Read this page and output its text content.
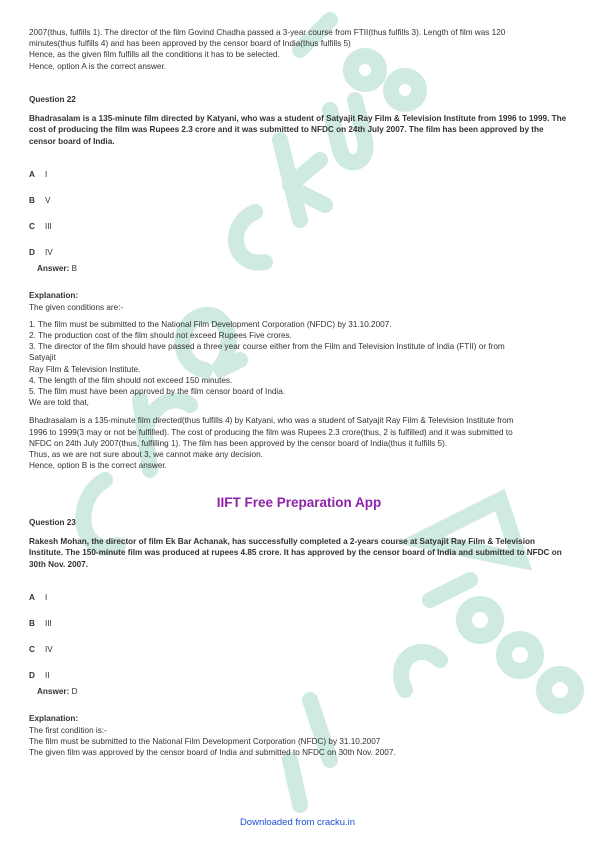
2007(thus, fulfills 1). The director of the film Govind Chadha passed a 3-year course from FTII(thus fulfills 3). Length of film was 120

minutes(thus fulfills 4) and has been approved by the censor board of India(thus fulfills 5)

Hence, as the given film fulfills all the conditions it has to be selected.

Hence, option A is the correct answer.

Question 22

Bhadrasalam is a 135-minute film directed by Katyani, who was a student of Satyajit Ray Film & Television Institute from 1996 to 1999. The cost of producing the film was Rupees 2.3 crore and it was submitted to NFDC on 24th July 2007. The film has been approved by the censor board of India.

A	I
B	V
C	III
D	IV

Answer: B

Explanation:

The given conditions are:-

1. The film must be submitted to the National Film Development Corporation (NFDC) by 31.10.2007.

2. The production cost of the film should not exceed Rupees Five crores.

3. The director of the film should have passed a three year course either from the Film and Television Institute of India (FTII) or from

Satyajit

Ray Film & Television Institute.

4. The length of the film should not exceed 150 minutes.

5. The film must have been approved by the film censor board of India.

We are told that,

Bhadrasalam is a 135-minute film directed(thus fulfills 4) by Katyani, who was a student of Satyajit Ray Film & Television Institute from

1996 to 1999(3 may or not be fulfilled). The cost of producing the film was Rupees 2.3 crore(thus, 2 is fulfilled) and it was submitted to

NFDC on 24th July 2007(thus, fulfilling 1). The film has been approved by the censor board of India(thus it fulfills 5).

Thus, as we are not sure about 3, we cannot make any decision.

Hence, option B is the correct answer.

IIFT Free Preparation App

Question 23

Rakesh Mohan, the director of film Ek Bar Achanak, has successfully completed a 2-years course at Satyajit Ray Film & Television Institute. The 150-minute film was produced at rupees 4.85 crore. It has approved by the censor board of India and submitted to NFDC on 30th Nov. 2007.

A	I
B	III
C	IV
D	II

Answer: D

Explanation:

The first condition is:-

The film must be submitted to the National Film Development Corporation (NFDC) by 31.10.2007

The given film was approved by the censor board of India and submitted to NFDC on 30th Nov. 2007.

Downloaded from cracku.in
